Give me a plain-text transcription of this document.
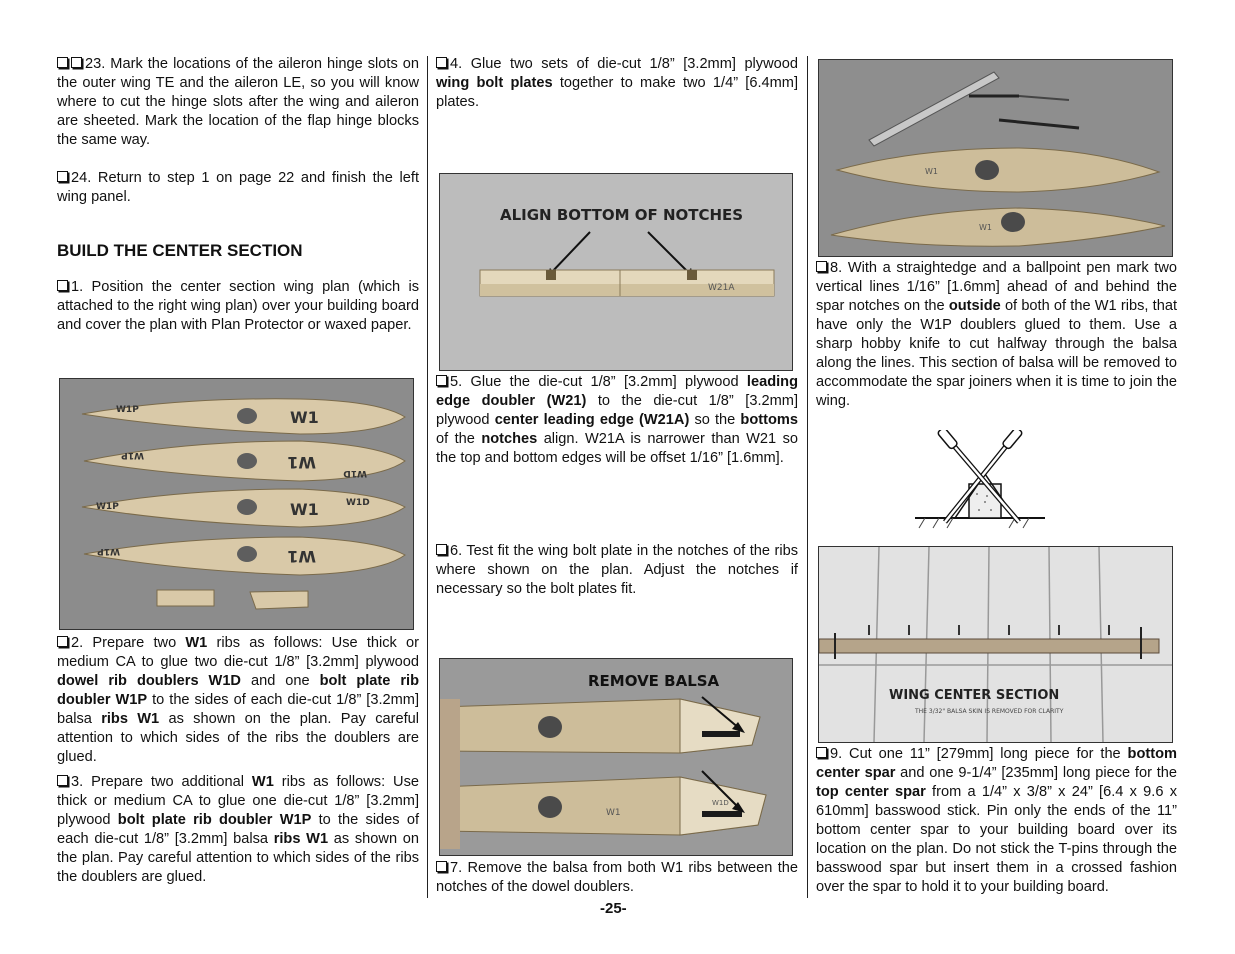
23. Mark the locations of the aileron hinge slots on the outer wing TE and the aileron LE, so you will know where to cut the hinge slots after the wing and aileron are sheeted. Mark the location of the flap hinge blocks the same way.

24. Return to step 1 on page 22 and finish the left wing panel.

BUILD THE CENTER SECTION

1. Position the center section wing plan (which is attached to the right wing plan) over your building board and cover the plan with Plan Protector or waxed paper.

W1P	W1
W1P	W1
W1D
W1P	W1D
W1
W1P	W1

2. Prepare two W1 ribs as follows: Use thick or medium CA to glue two die-cut 1/8” [3.2mm] plywood dowel rib doublers W1D and one bolt plate rib doubler W1P to the sides of each die-cut 1/8” [3.2mm] balsa ribs W1 as shown on the plan. Pay careful attention to which sides of the ribs the doublers are glued.

3. Prepare two additional W1 ribs as follows: Use thick or medium CA to glue one die-cut 1/8” [3.2mm] plywood bolt plate rib doubler W1P to the sides of each die-cut 1/8” [3.2mm] balsa ribs W1 as shown on the plan. Pay careful attention to which sides of the ribs the doublers are glued.

4. Glue two sets of die-cut 1/8” [3.2mm] plywood wing bolt plates together to make two 1/4” [6.4mm] plates.

ALIGN BOTTOM OF NOTCHES
W21A

5. Glue the die-cut 1/8” [3.2mm] plywood leading edge doubler (W21) to the die-cut 1/8” [3.2mm] plywood center leading edge (W21A) so the bottoms of the notches align. W21A is narrower than W21 so the top and bottom edges will be offset 1/16” [1.6mm].

6. Test fit the wing bolt plate in the notches of the ribs where shown on the plan. Adjust the notches if necessary so the bolt plates fit.

REMOVE BALSA
W1
W1D

7. Remove the balsa from both W1 ribs between the notches of the dowel doublers.

W1
W1

8. With a straightedge and a ballpoint pen mark two vertical lines 1/16” [1.6mm] ahead of and behind the spar notches on the outside of both of the W1 ribs, that have only the W1P doublers glued to them. Use a sharp hobby knife to cut halfway through the balsa along the lines. This section of balsa will be removed to accommodate the spar joiners when it is time to join the wing.

WING CENTER SECTION
THE 3/32" BALSA SKIN IS REMOVED FOR CLARITY

9. Cut one 11” [279mm] long piece for the bottom center spar and one 9-1/4” [235mm] long piece for the top center spar from a 1/4” x 3/8” x 24” [6.4 x 9.6 x 610mm] basswood stick. Pin only the ends of the 11” bottom center spar to your building board over its location on the plan. Do not stick the T-pins through the basswood spar but insert them in a crossed fashion over the spar to hold it to your building board.

-25-
